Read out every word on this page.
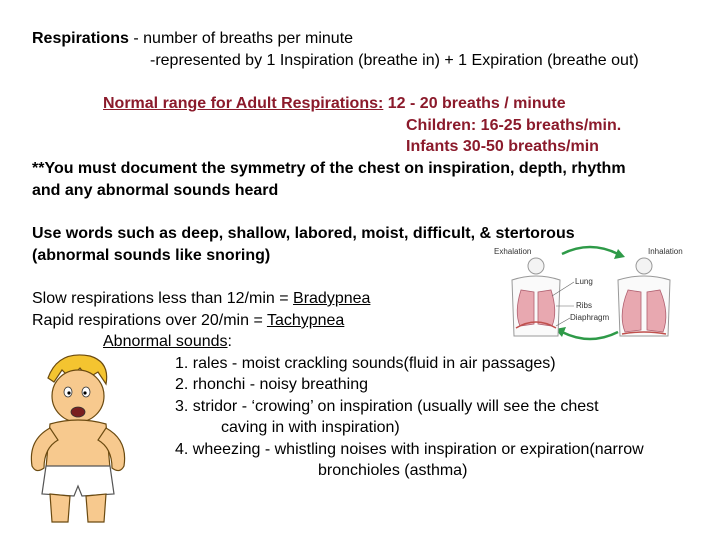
Respirations - number of breaths per minute
-represented by 1 Inspiration (breathe in) + 1 Expiration (breathe out)
Normal range for Adult Respirations: 12 - 20 breaths / minute
Children: 16-25 breaths/min.
Infants 30-50 breaths/min
**You must document the symmetry of the chest on inspiration, depth, rhythm
and any abnormal sounds heard
Use words such as deep, shallow, labored, moist, difficult, & stertorous
(abnormal sounds like snoring)
Slow respirations less than 12/min = Bradypnea
Rapid respirations over 20/min = Tachypnea
Abnormal sounds:
1. rales - moist crackling sounds(fluid in air passages)
2. rhonchi - noisy breathing
3. stridor - ‘crowing’ on inspiration (usually will see the chest
caving in with inspiration)
4. wheezing - whistling noises with inspiration or expiration(narrow
bronchioles (asthma)
Exhalation	Inhalation
Lung
Ribs
Diaphragm
